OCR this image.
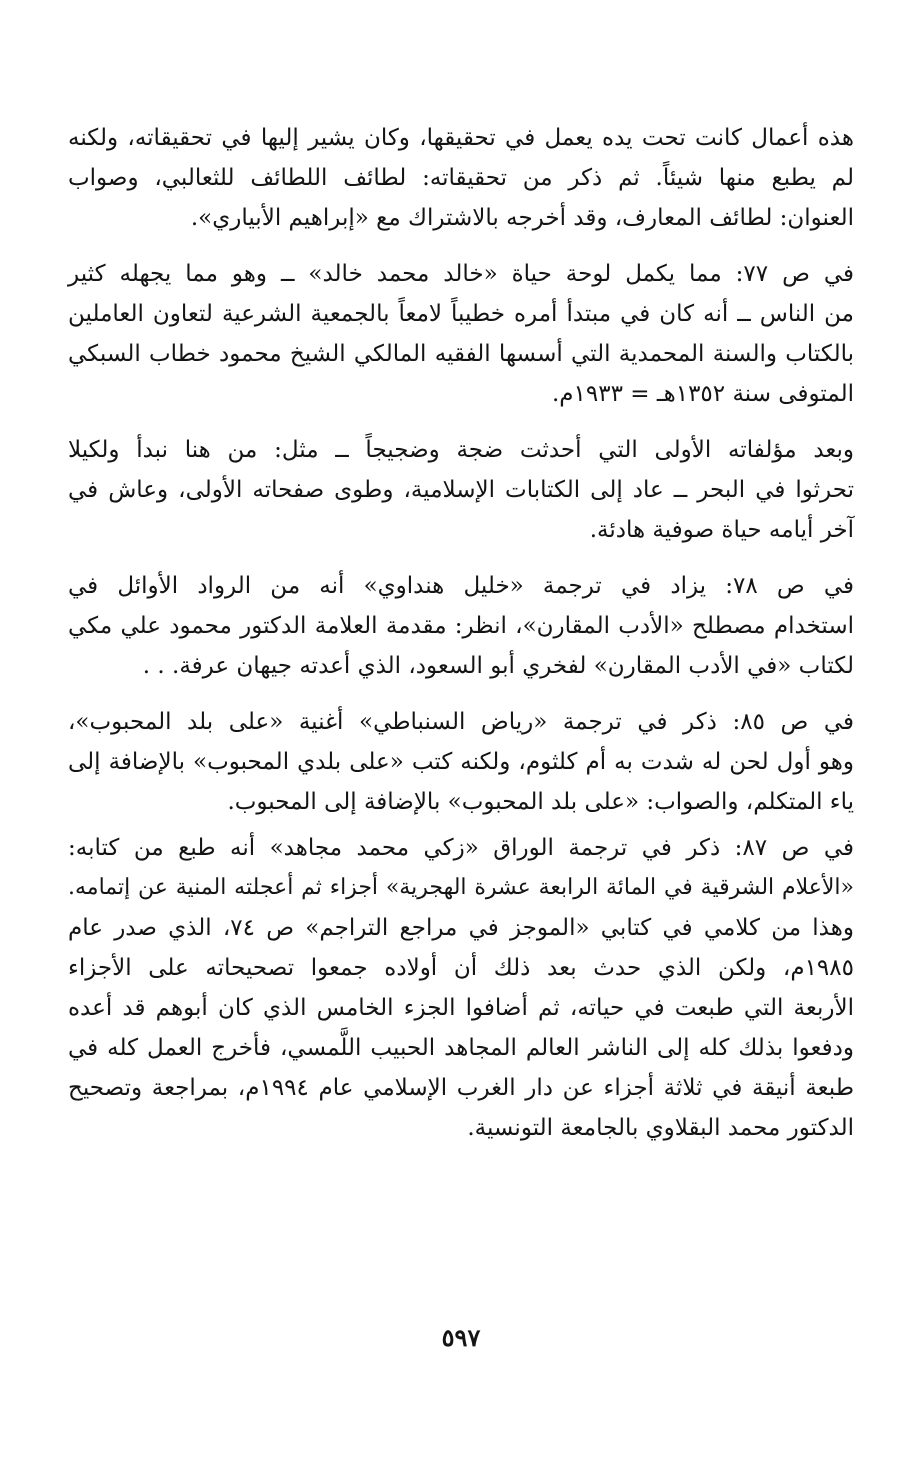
هذه أعمال كانت تحت يده يعمل في تحقيقها، وكان يشير إليها في تحقيقاته، ولكنه
لم يطبع منها شيئاً. ثم ذكر من تحقيقاته: لطائف اللطائف للثعالبي، وصواب
العنوان: لطائف المعارف، وقد أخرجه بالاشتراك مع «إبراهيم الأبياري».
في ص ٧٧: مما يكمل لوحة حياة «خالد محمد خالد» ــ وهو مما يجهله كثير
من الناس ــ أنه كان في مبتدأ أمره خطيباً لامعاً بالجمعية الشرعية لتعاون العاملين
بالكتاب والسنة المحمدية التي أسسها الفقيه المالكي الشيخ محمود خطاب السبكي
المتوفى سنة ١٣٥٢هـ = ١٩٣٣م.
وبعد مؤلفاته الأولى التي أحدثت ضجة وضجيجاً ــ مثل: من هنا نبدأ ولكيلا
تحرثوا في البحر ــ عاد إلى الكتابات الإسلامية، وطوى صفحاته الأولى، وعاش في
آخر أيامه حياة صوفية هادئة.
في ص ٧٨: يزاد في ترجمة «خليل هنداوي» أنه من الرواد الأوائل في
استخدام مصطلح «الأدب المقارن»، انظر: مقدمة العلامة الدكتور محمود علي مكي
لكتاب «في الأدب المقارن» لفخري أبو السعود، الذي أعدته جيهان عرفة. . .
في ص ٨٥: ذكر في ترجمة «رياض السنباطي» أغنية «على بلد المحبوب»،
وهو أول لحن له شدت به أم كلثوم، ولكنه كتب «على بلدي المحبوب» بالإضافة إلى
ياء المتكلم، والصواب: «على بلد المحبوب» بالإضافة إلى المحبوب.
في ص ٨٧: ذكر في ترجمة الوراق «زكي محمد مجاهد» أنه طبع من كتابه:
«الأعلام الشرقية في المائة الرابعة عشرة الهجرية» أجزاء ثم أعجلته المنية عن إتمامه.
وهذا من كلامي في كتابي «الموجز في مراجع التراجم» ص ٧٤، الذي صدر عام
١٩٨٥م، ولكن الذي حدث بعد ذلك أن أولاده جمعوا تصحيحاته على الأجزاء
الأربعة التي طبعت في حياته، ثم أضافوا الجزء الخامس الذي كان أبوهم قد أعده
ودفعوا بذلك كله إلى الناشر العالم المجاهد الحبيب اللَّمسي، فأخرج العمل كله في
طبعة أنيقة في ثلاثة أجزاء عن دار الغرب الإسلامي عام ١٩٩٤م، بمراجعة وتصحيح
الدكتور محمد البقلاوي بالجامعة التونسية.
٥٩٧
